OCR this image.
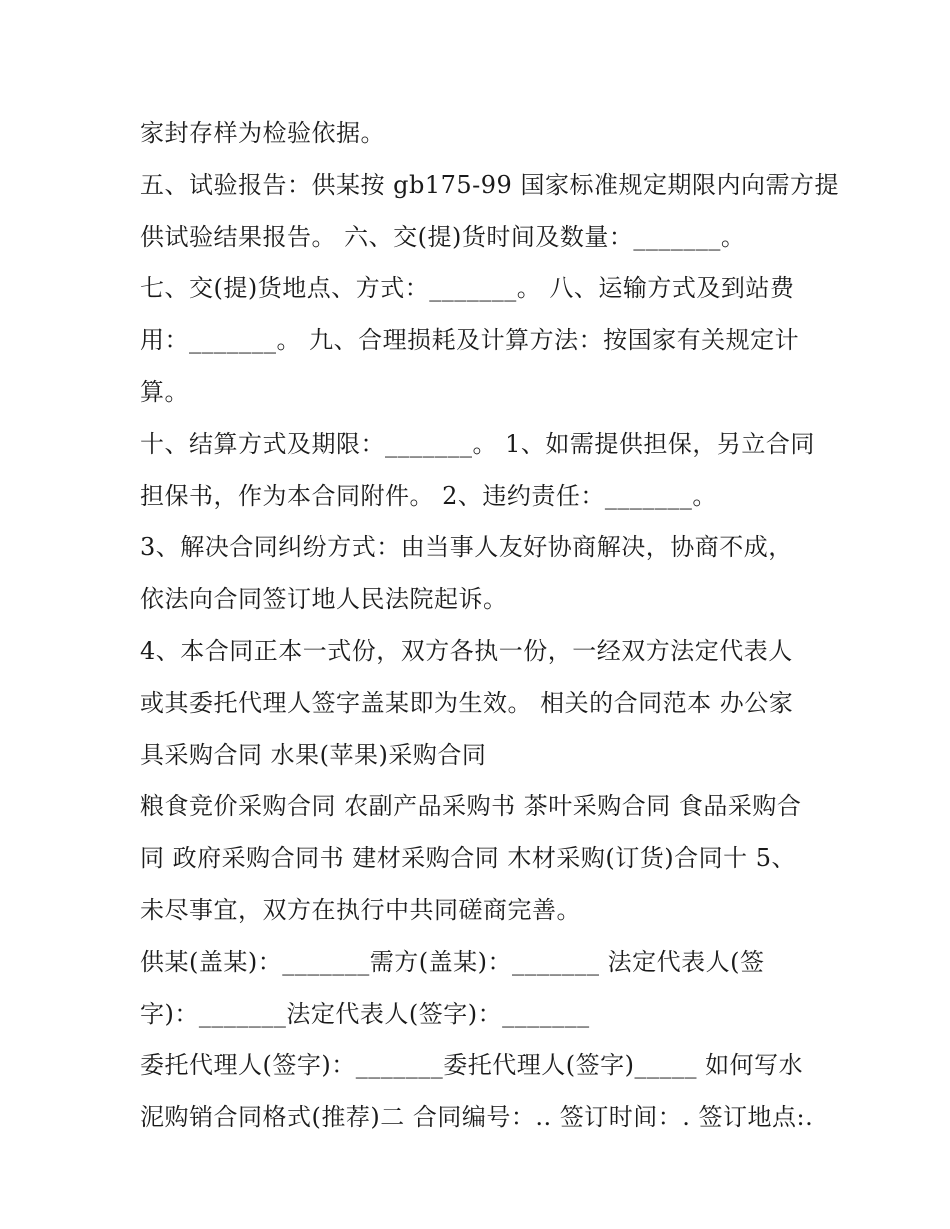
家封存样为检验依据。
五、试验报告：供某按 gb175-99 国家标准规定期限内向需方提
供试验结果报告。 六、交(提)货时间及数量：_______。
七、交(提)货地点、方式：_______。 八、运输方式及到站费
用：_______。 九、合理损耗及计算方法：按国家有关规定计
算。
十、结算方式及期限：_______。 1、如需提供担保，另立合同
担保书，作为本合同附件。 2、违约责任：_______。
3、解决合同纠纷方式：由当事人友好协商解决，协商不成，
依法向合同签订地人民法院起诉。
4、本合同正本一式份，双方各执一份，一经双方法定代表人
或其委托代理人签字盖某即为生效。 相关的合同范本 办公家
具采购合同 水果(苹果)采购合同
粮食竞价采购合同 农副产品采购书 茶叶采购合同 食品采购合
同 政府采购合同书 建材采购合同 木材采购(订货)合同十 5、
未尽事宜，双方在执行中共同磋商完善。
供某(盖某)：_______需方(盖某)：_______ 法定代表人(签
字)：_______法定代表人(签字)：_______
委托代理人(签字)：_______委托代理人(签字)_____ 如何写水
泥购销合同格式(推荐)二 合同编号：.. 签订时间：. 签订地点:.
